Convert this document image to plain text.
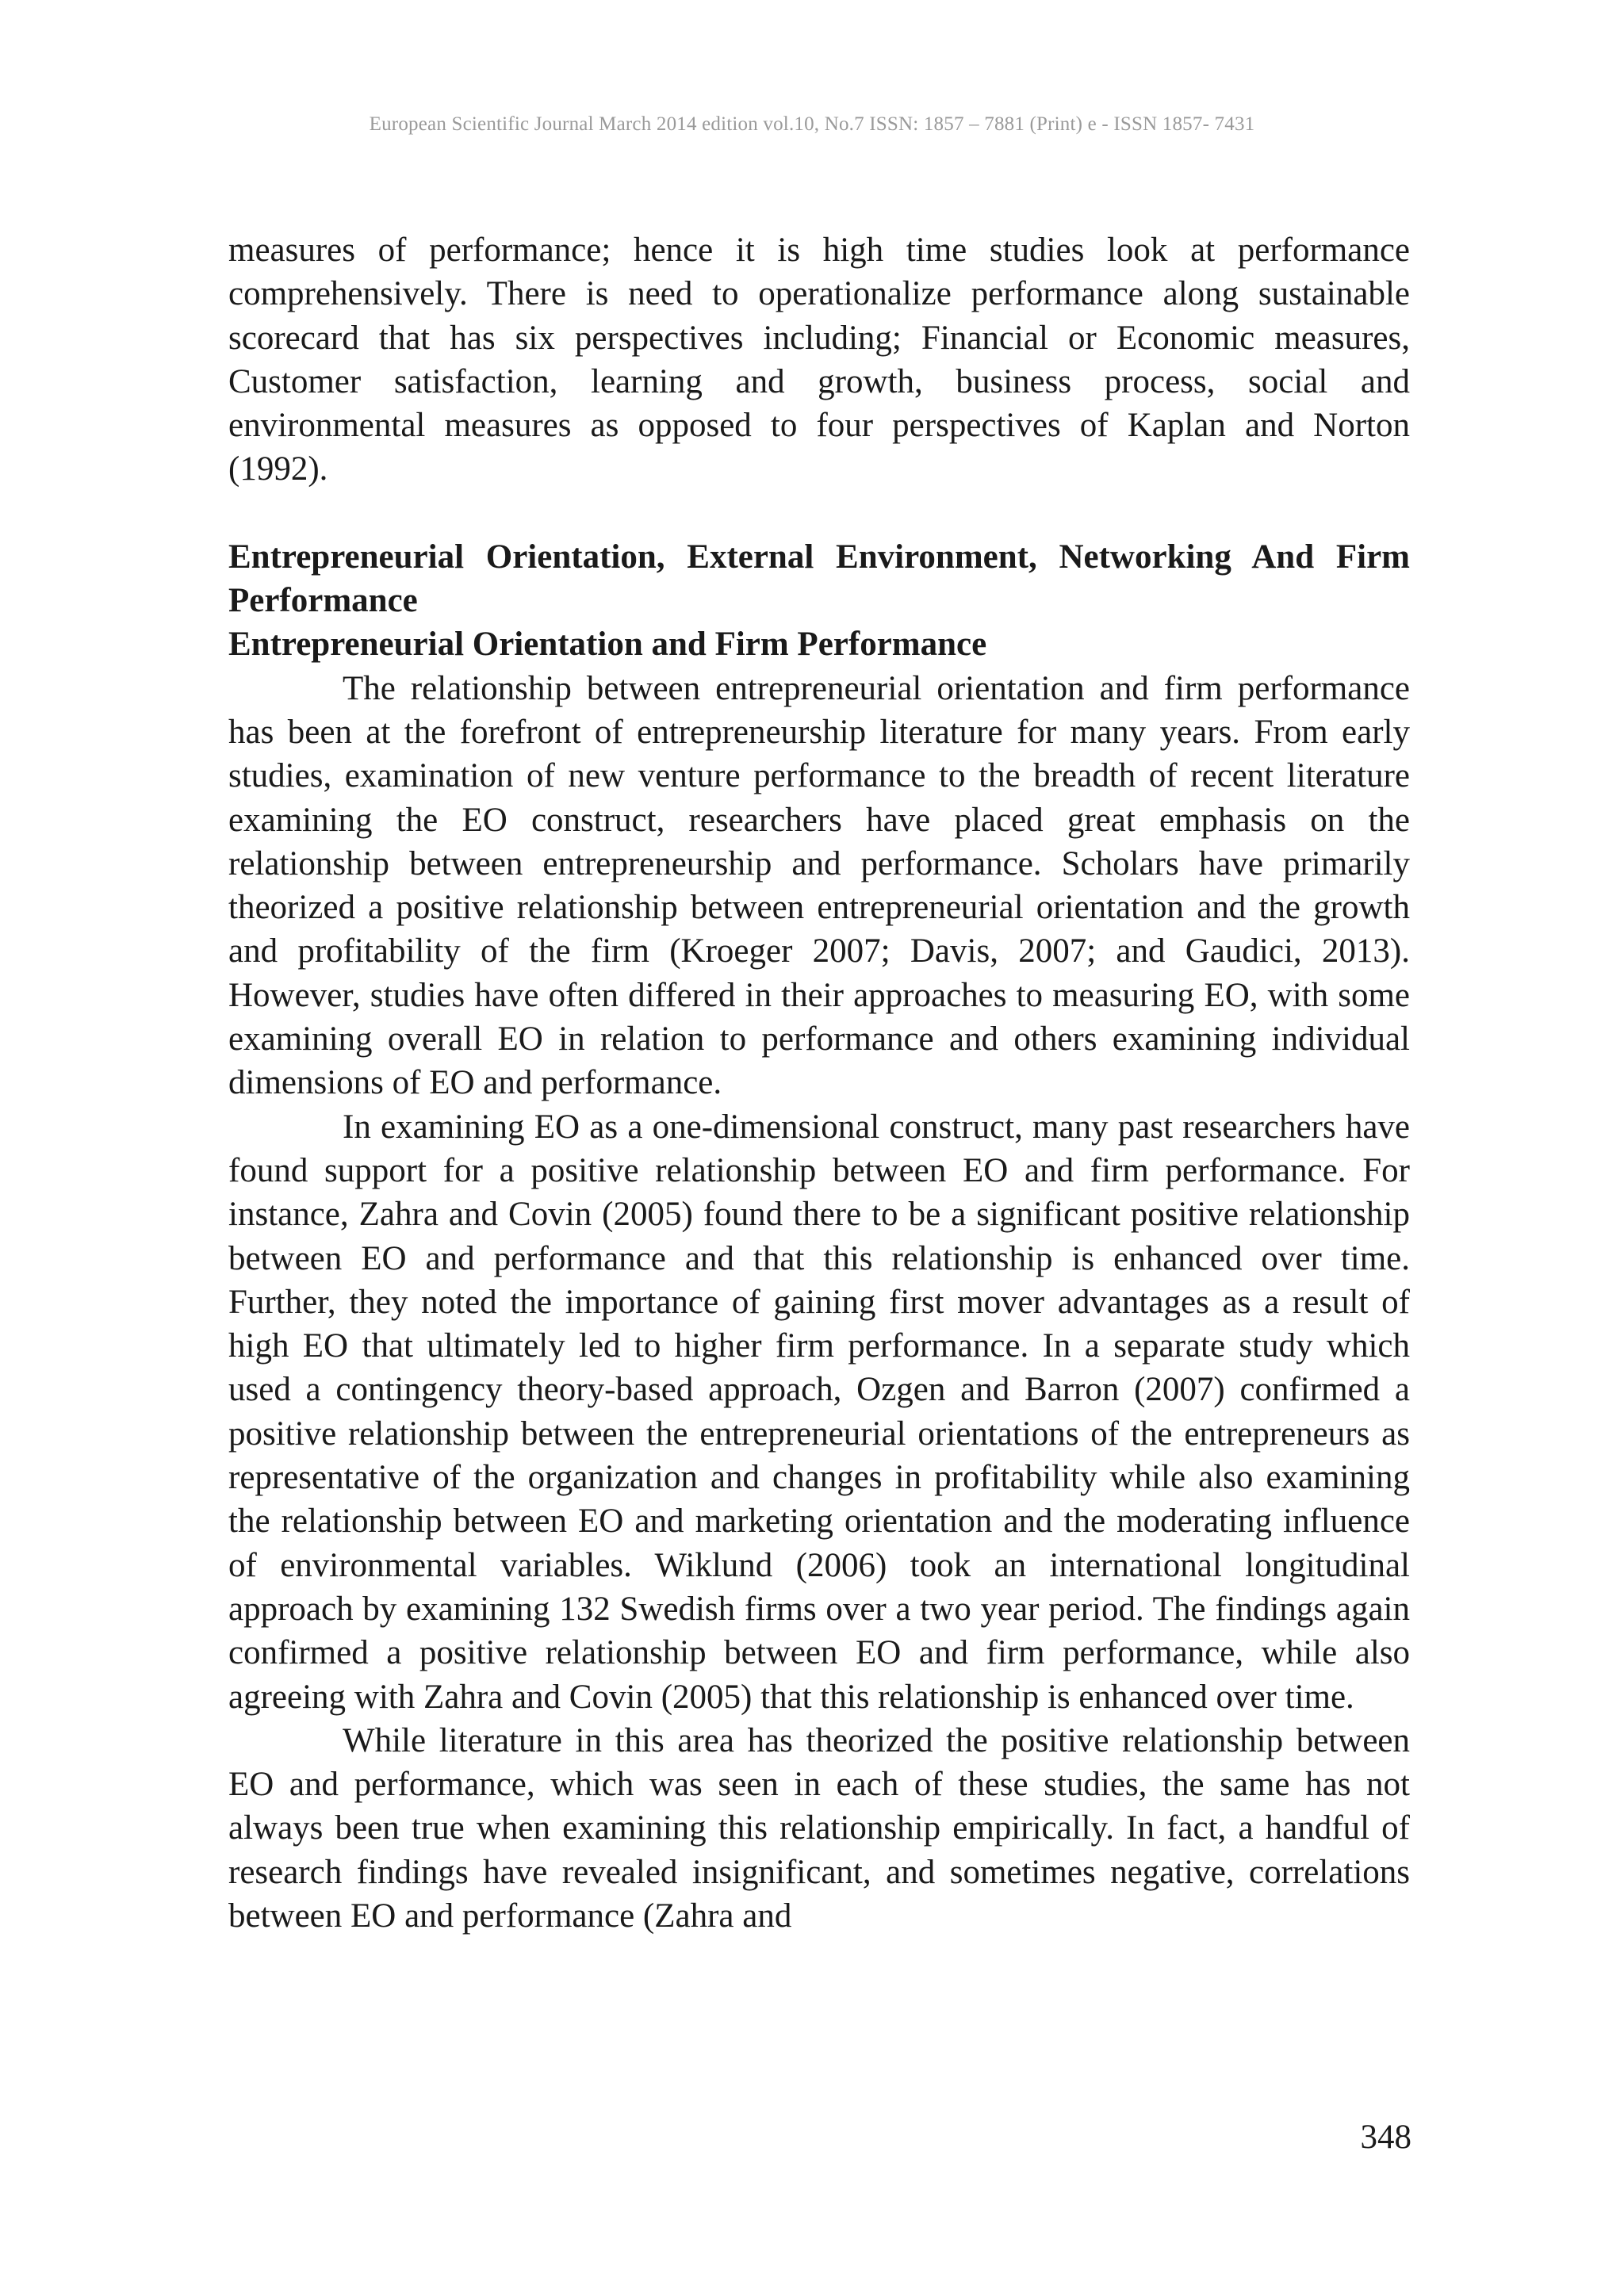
European Scientific Journal March 2014 edition vol.10, No.7 ISSN: 1857 – 7881 (Print) e - ISSN 1857- 7431

measures of performance; hence it is high time studies look at performance comprehensively. There is need to operationalize performance along sustainable scorecard that has six perspectives including; Financial or Economic measures, Customer satisfaction, learning and growth, business process, social and environmental measures as opposed to four perspectives of Kaplan and Norton (1992).

Entrepreneurial Orientation, External Environment, Networking And Firm Performance
Entrepreneurial Orientation and Firm Performance

The relationship between entrepreneurial orientation and firm performance has been at the forefront of entrepreneurship literature for many years. From early studies, examination of new venture performance to the breadth of recent literature examining the EO construct, researchers have placed great emphasis on the relationship between entrepreneurship and performance. Scholars have primarily theorized a positive relationship between entrepreneurial orientation and the growth and profitability of the firm (Kroeger 2007; Davis, 2007; and Gaudici, 2013). However, studies have often differed in their approaches to measuring EO, with some examining overall EO in relation to performance and others examining individual dimensions of EO and performance.

In examining EO as a one-dimensional construct, many past researchers have found support for a positive relationship between EO and firm performance. For instance, Zahra and Covin (2005) found there to be a significant positive relationship between EO and performance and that this relationship is enhanced over time. Further, they noted the importance of gaining first mover advantages as a result of high EO that ultimately led to higher firm performance. In a separate study which used a contingency theory-based approach, Ozgen and Barron (2007) confirmed a positive relationship between the entrepreneurial orientations of the entrepreneurs as representative of the organization and changes in profitability while also examining the relationship between EO and marketing orientation and the moderating influence of environmental variables. Wiklund (2006) took an international longitudinal approach by examining 132 Swedish firms over a two year period. The findings again confirmed a positive relationship between EO and firm performance, while also agreeing with Zahra and Covin (2005) that this relationship is enhanced over time.

While literature in this area has theorized the positive relationship between EO and performance, which was seen in each of these studies, the same has not always been true when examining this relationship empirically. In fact, a handful of research findings have revealed insignificant, and sometimes negative, correlations between EO and performance (Zahra and

348
